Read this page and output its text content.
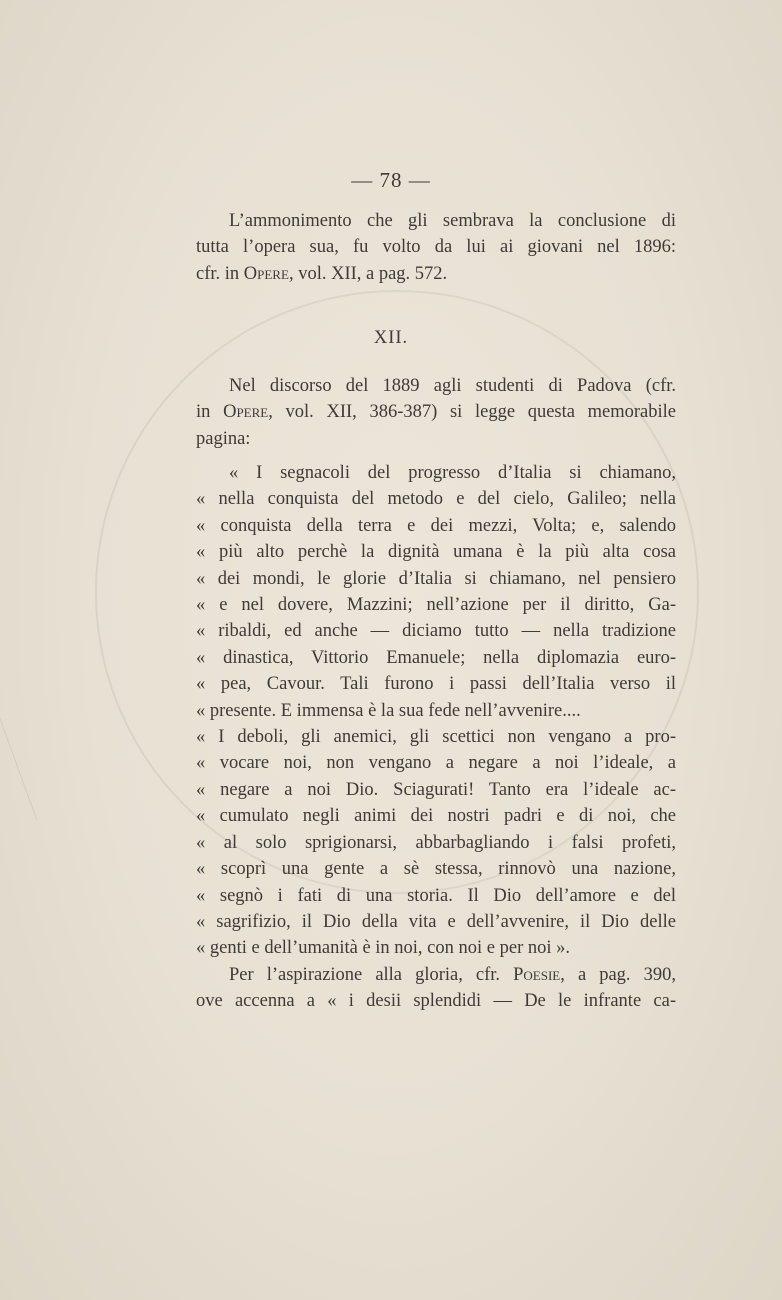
— 78 —
L’ammonimento che gli sembrava la conclusione di
tutta l’opera sua, fu volto da lui ai giovani nel 1896:
cfr. in Opere, vol. XII, a pag. 572.
XII.
Nel discorso del 1889 agli studenti di Padova (cfr.
in Opere, vol. XII, 386-387) si legge questa memorabile
pagina:
« I segnacoli del progresso d’Italia si chiamano,
« nella conquista del metodo e del cielo, Galileo; nella
« conquista della terra e dei mezzi, Volta; e, salendo
« più alto perchè la dignità umana è la più alta cosa
« dei mondi, le glorie d’Italia si chiamano, nel pensiero
« e nel dovere, Mazzini; nell’azione per il diritto, Ga-
« ribaldi, ed anche — diciamo tutto — nella tradizione
« dinastica, Vittorio Emanuele; nella diplomazia euro-
« pea, Cavour. Tali furono i passi dell’Italia verso il
« presente. E immensa è la sua fede nell’avvenire....
« I deboli, gli anemici, gli scettici non vengano a pro-
« vocare noi, non vengano a negare a noi l’ideale, a
« negare a noi Dio. Sciagurati! Tanto era l’ideale ac-
« cumulato negli animi dei nostri padri e di noi, che
« al solo sprigionarsi, abbarbagliando i falsi profeti,
« scoprì una gente a sè stessa, rinnovò una nazione,
« segnò i fati di una storia. Il Dio dell’amore e del
« sagrifizio, il Dio della vita e dell’avvenire, il Dio delle
« genti e dell’umanità è in noi, con noi e per noi ».
Per l’aspirazione alla gloria, cfr. Poesie, a pag. 390,
ove accenna a « i desii splendidi — De le infrante ca-
